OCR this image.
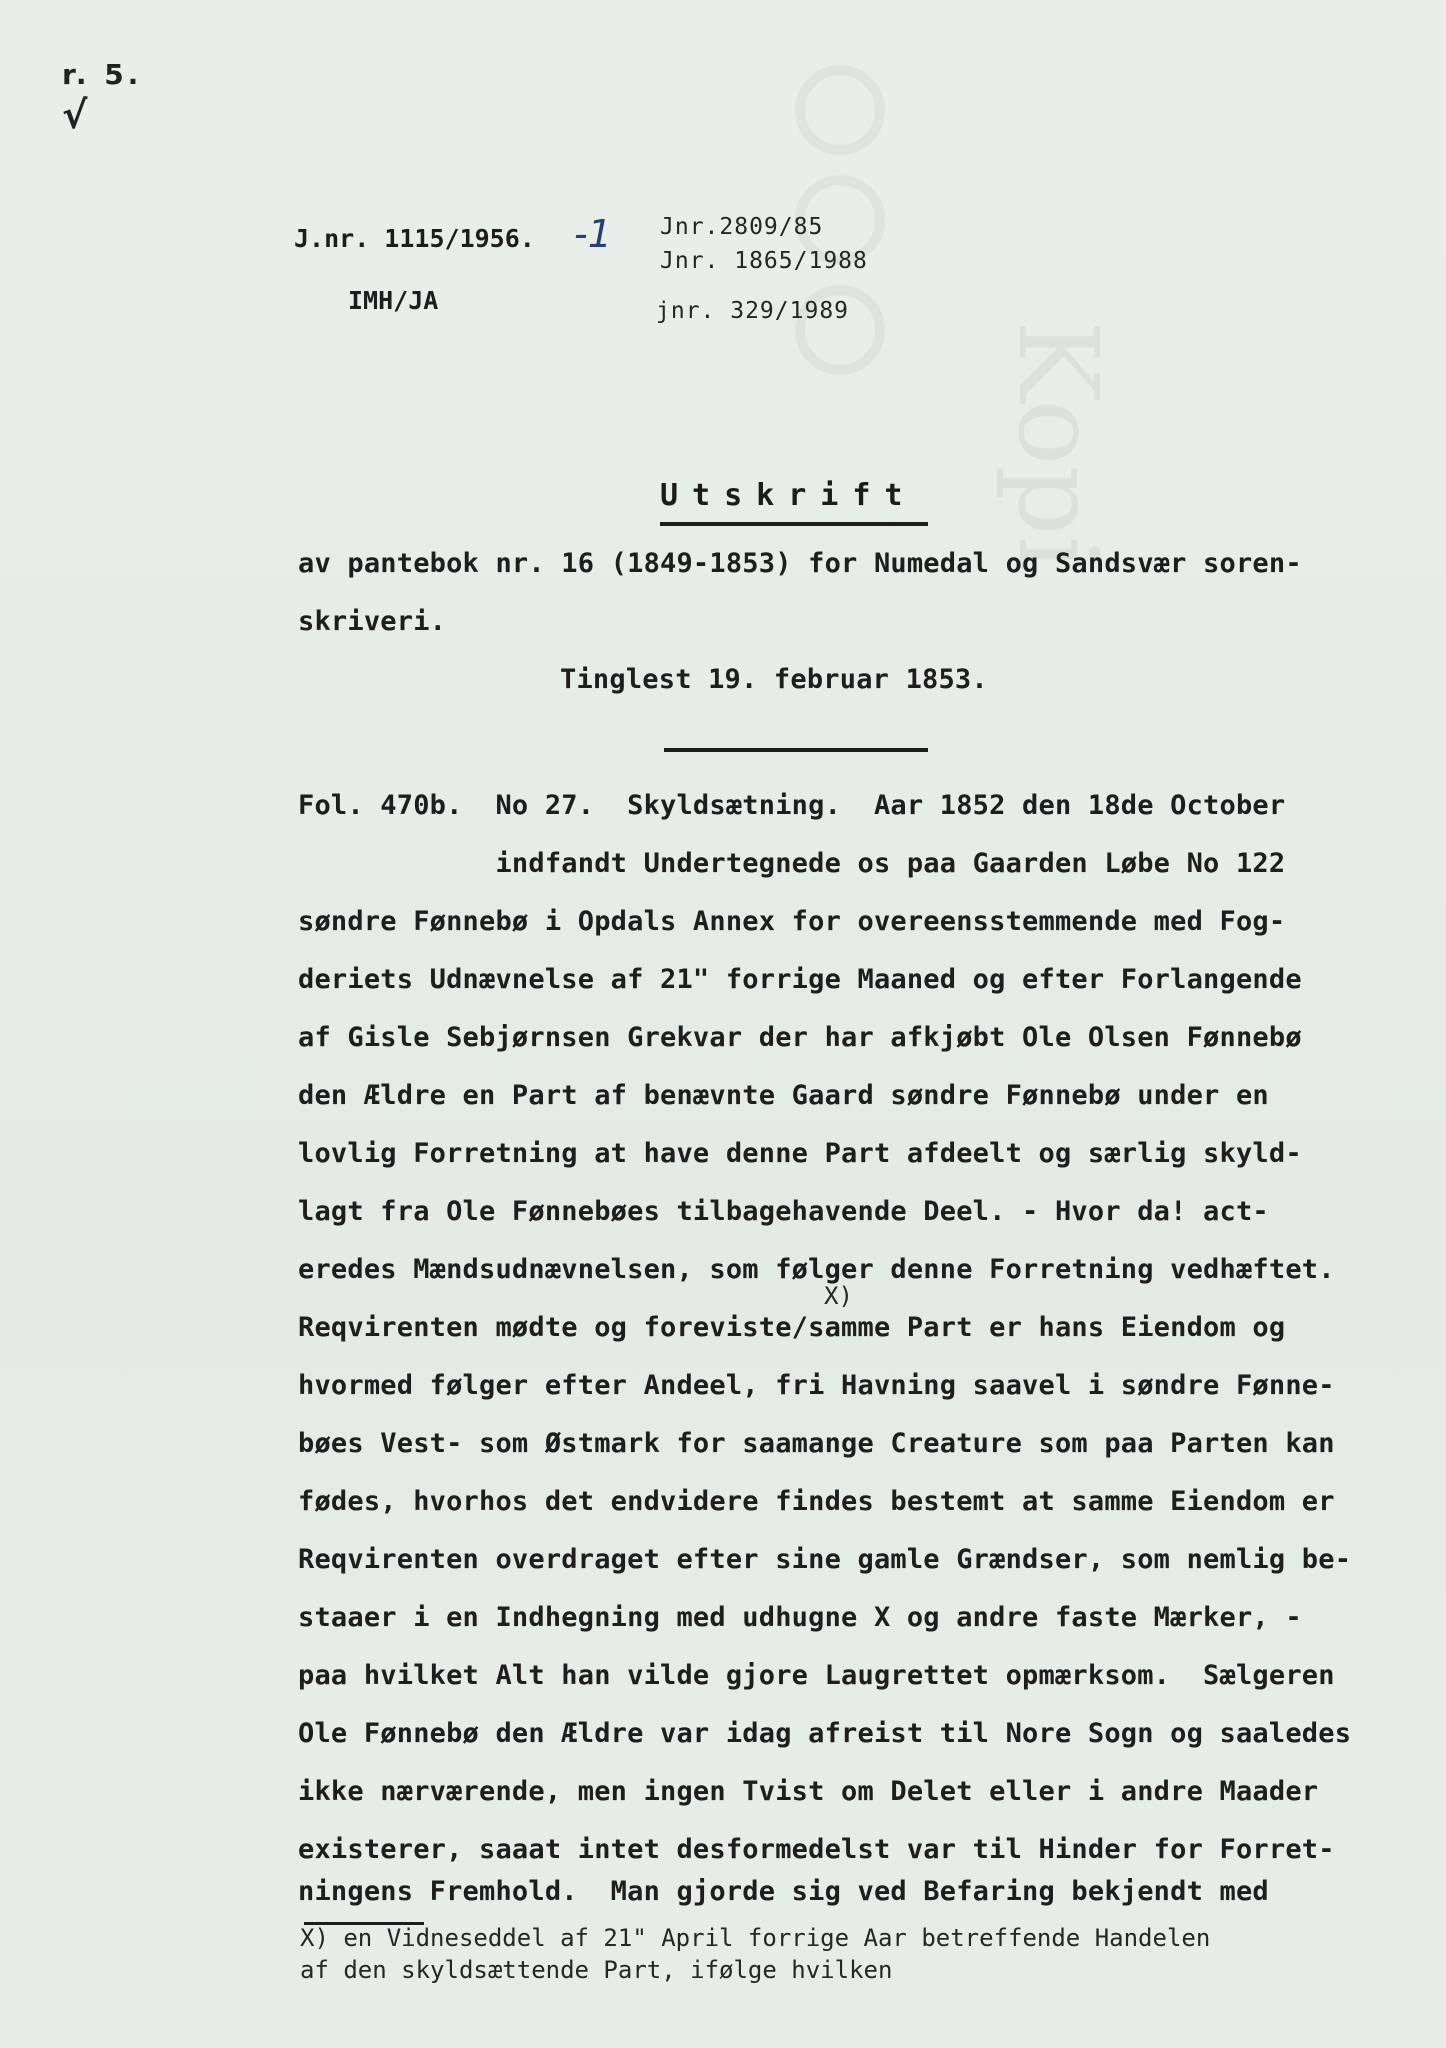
Kopi
r. 5.
√
J.nr. 1115/1956. -1
IMH/JA
Jnr.2809/85
Jnr. 1865/1988
jnr. 329/1989
Utskrift
av pantebok nr. 16 (1849-1853) for Numedal og Sandsvær soren-
skriveri.
Tinglest 19. februar 1853.
Fol. 470b.  No 27.  Skyldsætning.  Aar 1852 den 18de October
indfandt Undertegnede os paa Gaarden Løbe No 122
søndre Fønnebø i Opdals Annex for overeensstemmende med Fog-
deriets Udnævnelse af 21" forrige Maaned og efter Forlangende
af Gisle Sebjørnsen Grekvar der har afkjøbt Ole Olsen Fønnebø
den Ældre en Part af benævnte Gaard søndre Fønnebø under en
lovlig Forretning at have denne Part afdeelt og særlig skyld-
lagt fra Ole Fønnebøes tilbagehavende Deel. - Hvor da! act-
eredes Mændsudnævnelsen, som følger denne Forretning vedhæftet.
X)
Reqvirenten mødte og foreviste/samme Part er hans Eiendom og
hvormed følger efter Andeel, fri Havning saavel i søndre Fønne-
bøes Vest- som Østmark for saamange Creature som paa Parten kan
fødes, hvorhos det endvidere findes bestemt at samme Eiendom er
Reqvirenten overdraget efter sine gamle Grændser, som nemlig be-
staaer i en Indhegning med udhugne X og andre faste Mærker, -
paa hvilket Alt han vilde gjore Laugrettet opmærksom.  Sælgeren
Ole Fønnebø den Ældre var idag afreist til Nore Sogn og saaledes
ikke nærværende, men ingen Tvist om Delet eller i andre Maader
existerer, saaat intet desformedelst var til Hinder for Forret-
ningens Fremhold.  Man gjorde sig ved Befaring bekjendt med
X) en Vidneseddel af 21" April forrige Aar betreffende Handelen
af den skyldsættende Part, ifølge hvilken
